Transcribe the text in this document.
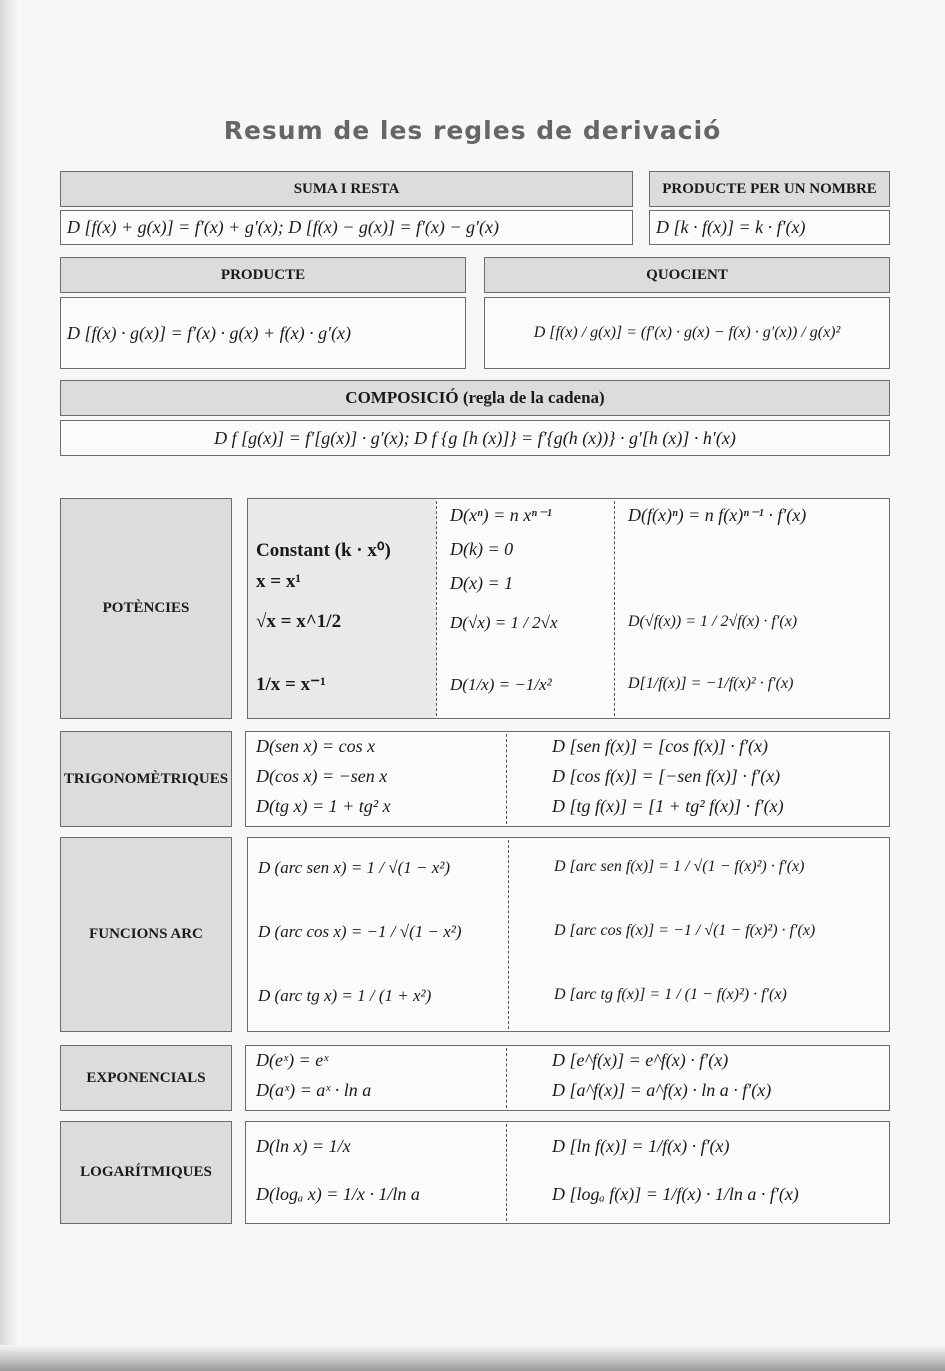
Resum de les regles de derivació
SUMA I RESTA
D [f(x) + g(x)] = f′(x) + g′(x); D [f(x) − g(x)] = f′(x) − g′(x)
PRODUCTE PER UN NOMBRE
D [k · f(x)] = k · f′(x)
PRODUCTE
D [f(x) · g(x)] = f′(x) · g(x) + f(x) · g′(x)
QUOCIENT
D [f(x) / g(x)] = (f′(x) · g(x) − f(x) · g′(x)) / g(x)²
COMPOSICIÓ (regla de la cadena)
D f [g(x)] = f′[g(x)] · g′(x); D f {g [h (x)]} = f′{g(h (x))} · g′[h (x)] · h′(x)
POTÈNCIES
Constant (k · x⁰)
x = x¹
√x = x^1/2
1/x = x⁻¹
D(xⁿ) = n xⁿ⁻¹
D(k) = 0
D(x) = 1
D(√x) = 1 / 2√x
D(1/x) = −1/x²
D(f(x)ⁿ) = n f(x)ⁿ⁻¹ · f′(x)
D(√f(x)) = 1 / 2√f(x) · f′(x)
D[1/f(x)] = −1/f(x)² · f′(x)
TRIGONOMÈTRIQUES
D(sen x) = cos x
D(cos x) = −sen x
D(tg x) = 1 + tg² x
D [sen f(x)] = [cos f(x)] · f′(x)
D [cos f(x)] = [−sen f(x)] · f′(x)
D [tg f(x)] = [1 + tg² f(x)] · f′(x)
FUNCIONS ARC
D (arc sen x) = 1 / √(1 − x²)
D (arc cos x) = −1 / √(1 − x²)
D (arc tg x) = 1 / (1 + x²)
D [arc sen f(x)] = 1 / √(1 − f(x)²) · f′(x)
D [arc cos f(x)] = −1 / √(1 − f(x)²) · f′(x)
D [arc tg f(x)] = 1 / (1 − f(x)²) · f′(x)
EXPONENCIALS
D(eˣ) = eˣ
D(aˣ) = aˣ · ln a
D [e^f(x)] = e^f(x) · f′(x)
D [a^f(x)] = a^f(x) · ln a · f′(x)
LOGARÍTMIQUES
D(ln x) = 1/x
D(logₐ x) = 1/x · 1/ln a
D [ln f(x)] = 1/f(x) · f′(x)
D [logₐ f(x)] = 1/f(x) · 1/ln a · f′(x)
